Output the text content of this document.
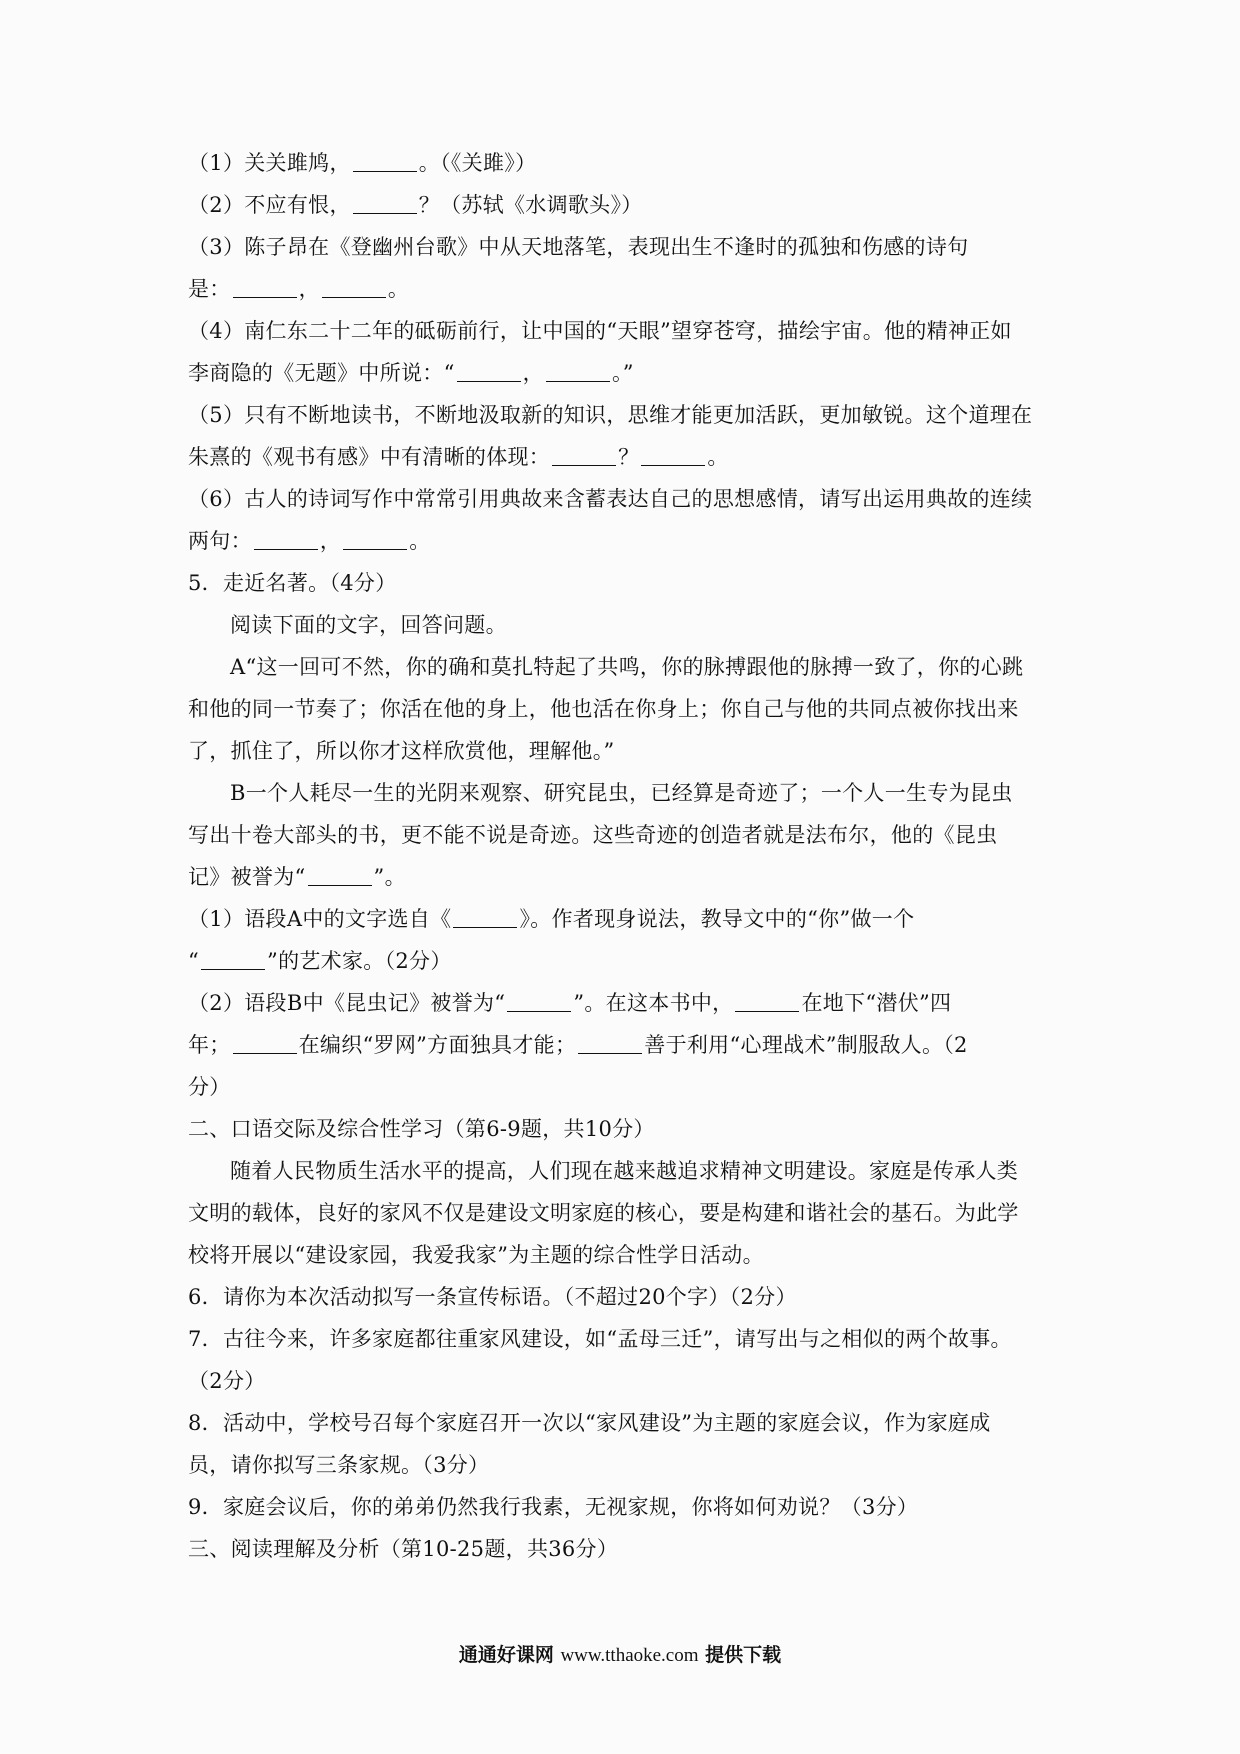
（1）关关雎鸠，	。（《关雎》）
（2）不应有恨，	？（苏轼《水调歌头》）
（3）陈子昂在《登幽州台歌》中从天地落笔，表现出生不逢时的孤独和伤感的诗句
是：	，	。
（4）南仁东二十二年的砥砺前行，让中国的“天眼”望穿苍穹，描绘宇宙。他的精神正如
李商隐的《无题》中所说：“	，	。”
（5）只有不断地读书，不断地汲取新的知识，思维才能更加活跃，更加敏锐。这个道理在
朱熹的《观书有感》中有清晰的体现：	？	。
（6）古人的诗词写作中常常引用典故来含蓄表达自己的思想感情，请写出运用典故的连续
两句：	，	。
5．走近名著。（4分）
阅读下面的文字，回答问题。
A“这一回可不然，你的确和莫扎特起了共鸣，你的脉搏跟他的脉搏一致了，你的心跳
和他的同一节奏了；你活在他的身上，他也活在你身上；你自己与他的共同点被你找出来
了，抓住了，所以你才这样欣赏他，理解他。”
B一个人耗尽一生的光阴来观察、研究昆虫，已经算是奇迹了；一个人一生专为昆虫
写出十卷大部头的书，更不能不说是奇迹。这些奇迹的创造者就是法布尔，他的《昆虫
记》被誉为“	”。
（1）语段A中的文字选自《	》。作者现身说法，教导文中的“你”做一个
“	”的艺术家。（2分）
（2）语段B中《昆虫记》被誉为“	”。在这本书中，	在地下“潜伏”四
年；	在编织“罗网”方面独具才能；	善于利用“心理战术”制服敌人。（2
分）
二、口语交际及综合性学习（第6-9题，共10分）
随着人民物质生活水平的提高，人们现在越来越追求精神文明建设。家庭是传承人类
文明的载体，良好的家风不仅是建设文明家庭的核心，要是构建和谐社会的基石。为此学
校将开展以“建设家园，我爱我家”为主题的综合性学日活动。
6．请你为本次活动拟写一条宣传标语。（不超过20个字）（2分）
7．古往今来，许多家庭都往重家风建设，如“孟母三迁”，请写出与之相似的两个故事。
（2分）
8．活动中，学校号召每个家庭召开一次以“家风建设”为主题的家庭会议，作为家庭成
员，请你拟写三条家规。（3分）
9．家庭会议后，你的弟弟仍然我行我素，无视家规，你将如何劝说？（3分）
三、阅读理解及分析（第10-25题，共36分）
通通好课网 www.tthaoke.com 提供下载
